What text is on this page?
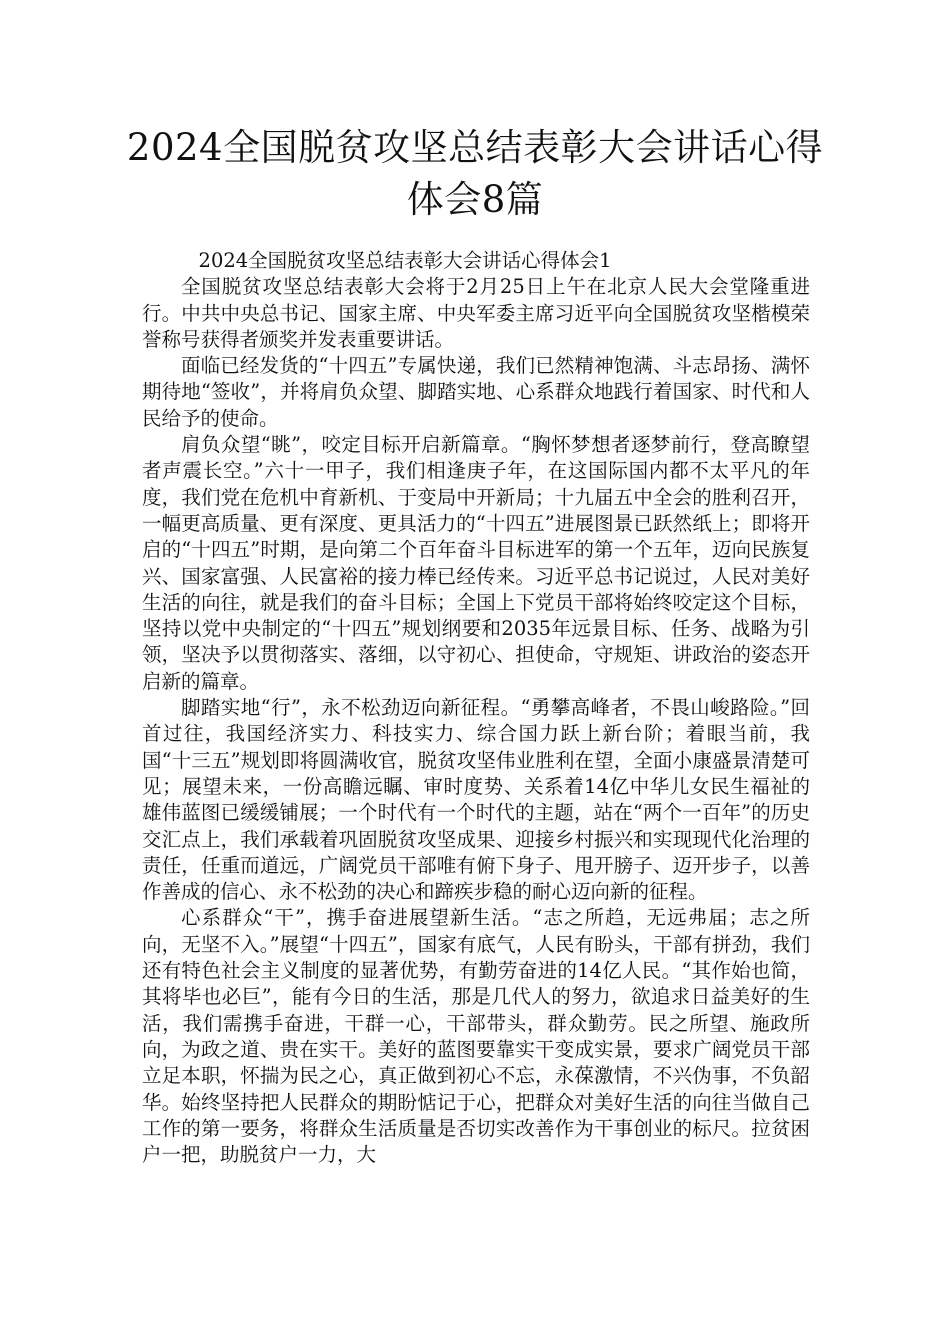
2024全国脱贫攻坚总结表彰大会讲话心得
体会8篇

2024全国脱贫攻坚总结表彰大会讲话心得体会1

全国脱贫攻坚总结表彰大会将于2月25日上午在北京人民大会堂隆重进行。中共中央总书记、国家主席、中央军委主席习近平向全国脱贫攻坚楷模荣誉称号获得者颁奖并发表重要讲话。

面临已经发货的“十四五”专属快递，我们已然精神饱满、斗志昂扬、满怀期待地“签收”，并将肩负众望、脚踏实地、心系群众地践行着国家、时代和人民给予的使命。

肩负众望“眺”，咬定目标开启新篇章。“胸怀梦想者逐梦前行，登高瞭望者声震长空。”六十一甲子，我们相逢庚子年，在这国际国内都不太平凡的年度，我们党在危机中育新机、于变局中开新局；十九届五中全会的胜利召开，一幅更高质量、更有深度、更具活力的“十四五”进展图景已跃然纸上；即将开启的“十四五”时期，是向第二个百年奋斗目标进军的第一个五年，迈向民族复兴、国家富强、人民富裕的接力棒已经传来。习近平总书记说过，人民对美好生活的向往，就是我们的奋斗目标；全国上下党员干部将始终咬定这个目标，坚持以党中央制定的“十四五”规划纲要和2035年远景目标、任务、战略为引领，坚决予以贯彻落实、落细，以守初心、担使命，守规矩、讲政治的姿态开启新的篇章。

脚踏实地“行”，永不松劲迈向新征程。“勇攀高峰者，不畏山峻路险。”回首过往，我国经济实力、科技实力、综合国力跃上新台阶；着眼当前，我国“十三五”规划即将圆满收官，脱贫攻坚伟业胜利在望，全面小康盛景清楚可见；展望未来，一份高瞻远瞩、审时度势、关系着14亿中华儿女民生福祉的雄伟蓝图已缓缓铺展；一个时代有一个时代的主题，站在“两个一百年”的历史交汇点上，我们承载着巩固脱贫攻坚成果、迎接乡村振兴和实现现代化治理的责任，任重而道远，广阔党员干部唯有俯下身子、甩开膀子、迈开步子，以善作善成的信心、永不松劲的决心和蹄疾步稳的耐心迈向新的征程。

心系群众“干”，携手奋进展望新生活。“志之所趋，无远弗届；志之所向，无坚不入。”展望“十四五”，国家有底气，人民有盼头，干部有拼劲，我们还有特色社会主义制度的显著优势，有勤劳奋进的14亿人民。“其作始也简，其将毕也必巨”，能有今日的生活，那是几代人的努力，欲追求日益美好的生活，我们需携手奋进，干群一心，干部带头，群众勤劳。民之所望、施政所向，为政之道、贵在实干。美好的蓝图要靠实干变成实景，要求广阔党员干部立足本职，怀揣为民之心，真正做到初心不忘，永葆激情，不兴伪事，不负韶华。始终坚持把人民群众的期盼惦记于心，把群众对美好生活的向往当做自己工作的第一要务，将群众生活质量是否切实改善作为干事创业的标尺。拉贫困户一把，助脱贫户一力，大
